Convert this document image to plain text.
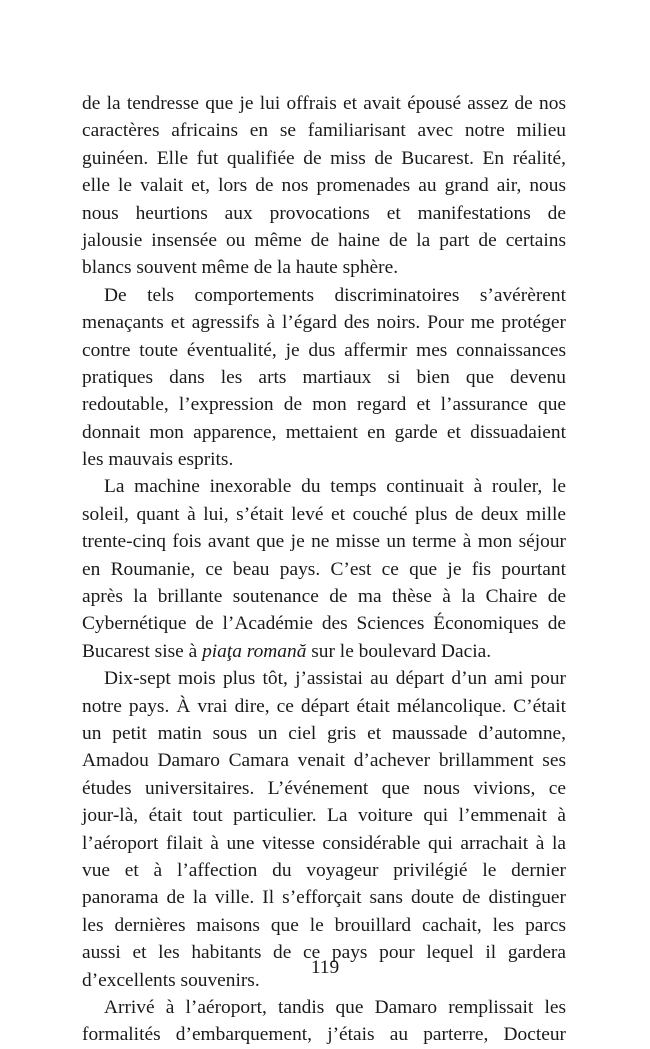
de la tendresse que je lui offrais et avait épousé assez de nos
caractères africains en se familiarisant avec notre milieu
guinéen. Elle fut qualifiée de miss de Bucarest. En réalité,
elle le valait et, lors de nos promenades au grand air, nous
nous heurtions aux provocations et manifestations de
jalousie insensée ou même de haine de la part de certains
blancs souvent même de la haute sphère.
De tels comportements discriminatoires s’avérèrent
menaçants et agressifs à l’égard des noirs. Pour me protéger
contre toute éventualité, je dus affermir mes connaissances
pratiques dans les arts martiaux si bien que devenu
redoutable, l’expression de mon regard et l’assurance que
donnait mon apparence, mettaient en garde et dissuadaient
les mauvais esprits.
La machine inexorable du temps continuait à rouler, le
soleil, quant à lui, s’était levé et couché plus de deux mille
trente-cinq fois avant que je ne misse un terme à mon séjour
en Roumanie, ce beau pays. C’est ce que je fis pourtant
après la brillante soutenance de ma thèse à la Chaire de
Cybernétique de l’Académie des Sciences Économiques de
Bucarest sise à piaţa romană sur le boulevard Dacia.
Dix-sept mois plus tôt, j’assistai au départ d’un ami pour
notre pays. À vrai dire, ce départ était mélancolique. C’était
un petit matin sous un ciel gris et maussade d’automne,
Amadou Damaro Camara venait d’achever brillamment ses
études universitaires. L’événement que nous vivions, ce
jour-là, était tout particulier. La voiture qui l’emmenait à
l’aéroport filait à une vitesse considérable qui arrachait à la
vue et à l’affection du voyageur privilégié le dernier
panorama de la ville. Il s’efforçait sans doute de distinguer
les dernières maisons que le brouillard cachait, les parcs
aussi et les habitants de ce pays pour lequel il gardera
d’excellents souvenirs.
Arrivé à l’aéroport, tandis que Damaro remplissait les
formalités d’embarquement, j’étais au parterre, Docteur
119
